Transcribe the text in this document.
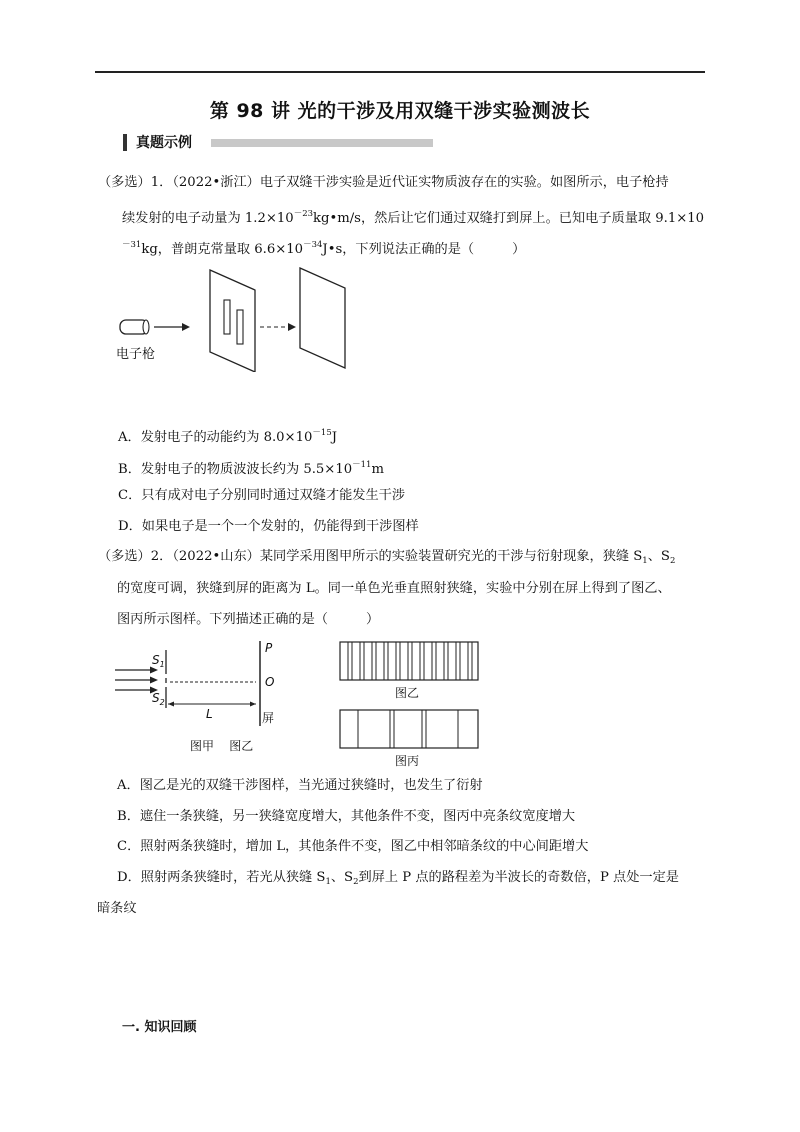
第 98 讲 光的干涉及用双缝干涉实验测波长
真题示例
（多选）1．（2022•浙江）电子双缝干涉实验是近代证实物质波存在的实验。如图所示，电子枪持
续发射的电子动量为 $1.2\times 10^{-23}kg•m/s$，然后让它们通过双缝打到屏上。已知电子质量取 9.1×10
$^{-31}$kg，普朗克常量取 $6.6\times 10^{-34}J•s$，下列说法正确的是（	）
电子枪
A．发射电子的动能约为 $8.0\times 10^{-15}J$
B．发射电子的物质波波长约为 $5.5\times 10^{-11}m$
C．只有成对电子分别同时通过双缝才能发生干涉
D．如果电子是一个一个发射的，仍能得到干涉图样
（多选）2．（2022•山东）某同学采用图甲所示的实验装置研究光的干涉与衍射现象，狭缝 $S_1$、$S_2$
的宽度可调，狭缝到屏的距离为 L。同一单色光垂直照射狭缝，实验中分别在屏上得到了图乙、
图丙所示图样。下列描述正确的是（	）
$S_1$
$S_2$
P
O
L	屏
图甲    图乙
图乙
图丙
A．图乙是光的双缝干涉图样，当光通过狭缝时，也发生了衍射
B．遮住一条狭缝，另一狭缝宽度增大，其他条件不变，图丙中亮条纹宽度增大
C．照射两条狭缝时，增加 L，其他条件不变，图乙中相邻暗条纹的中心间距增大
D．照射两条狭缝时，若光从狭缝 $S_1$、$S_2$到屏上 P 点的路程差为半波长的奇数倍，P 点处一定是
暗条纹
一. 知识回顾
